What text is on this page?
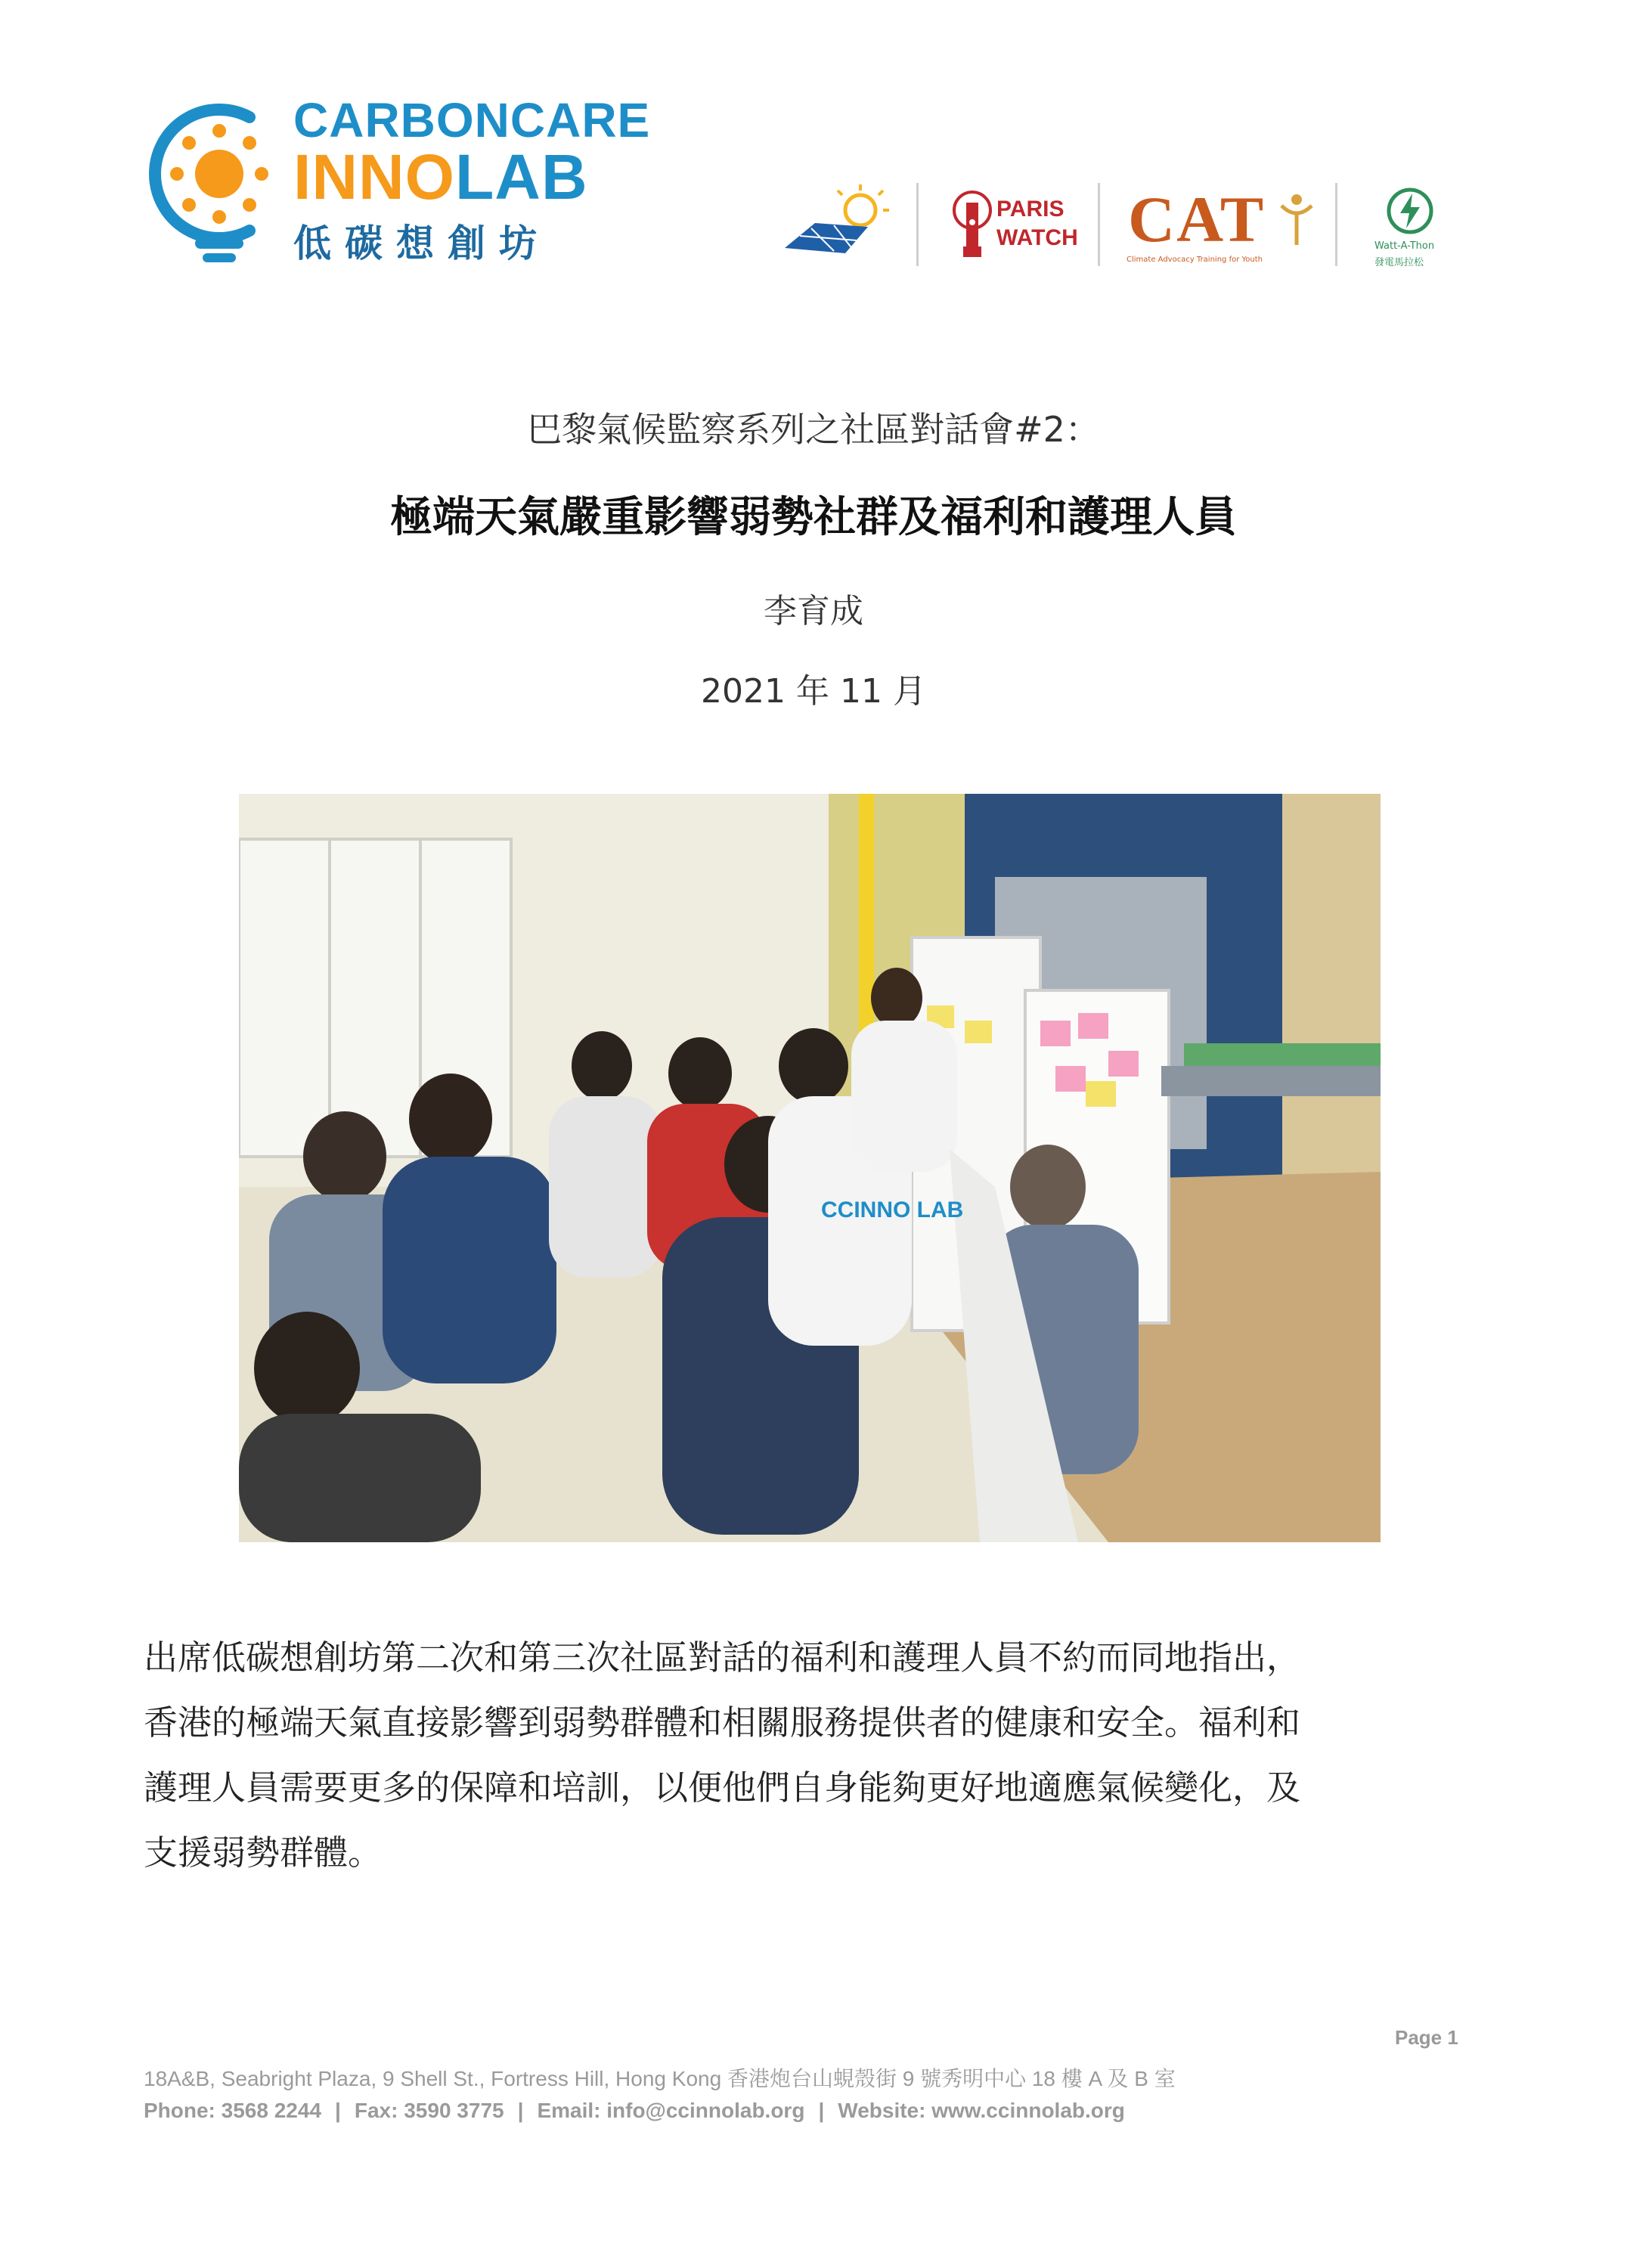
CARBONCARE
INNOLAB
低碳想創坊
PARIS
WATCH CAT
Climate Advocacy Training for Youth
Watt-A-Thon
發電馬拉松
巴黎氣候監察系列之社區對話會#2：
極端天氣嚴重影響弱勢社群及福利和護理人員
李育成
2021 年 11 月
CCINNO LAB

出席低碳想創坊第二次和第三次社區對話的福利和護理人員不約而同地指出，

香港的極端天氣直接影響到弱勢群體和相關服務提供者的健康和安全。福利和

護理人員需要更多的保障和培訓，以便他們自身能夠更好地適應氣候變化，及

支援弱勢群體。

Page 1
18A&B, Seabright Plaza, 9 Shell St., Fortress Hill, Hong Kong 香港炮台山蜆殼街 9 號秀明中心 18 樓 A 及 B 室
Phone: 3568 2244 | Fax: 3590 3775 | Email: info@ccinnolab.org | Website: www.ccinnolab.org
